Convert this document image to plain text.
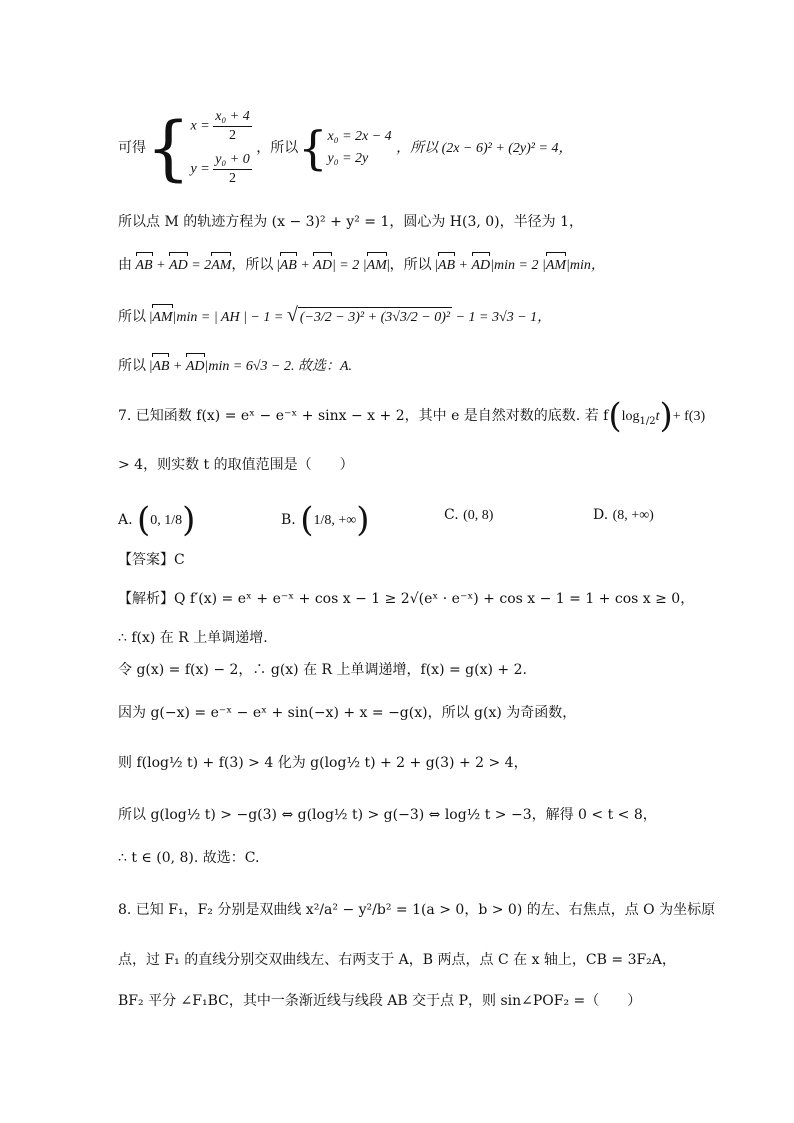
可得{ $x = \frac{\text{x₀ + 4}}{2}$
$y = \frac{\text{y₀ + 0}}{2}$
，所以{ x₀ = 2x − 4
y₀ = 2y
，所以 (2x − 6)² + (2y)² = 4，
所以点 M 的轨迹方程为 (x − 3)² + y² = 1，圆心为 H(3, 0)，半径为 1，
由 AB + AD = 2AM，所以 |AB + AD| = 2 |AM|，所以 |AB + AD|min = 2 |AM|min，
所以 |AM|min = | AH | − 1 = √ (−3/2 − 3)² + (3√3/2 − 0)² − 1 = 3√3 − 1，
所以 |AB + AD|min = 6√3 − 2. 故选：A.
7. 已知函数 f(x) = eˣ − e⁻ˣ + sinx − x + 2，其中 e 是自然对数的底数. 若 $f(\log_{1/2}t)+ f(3)$
> 4，则实数 t 的取值范围是（　　）
A. (0, 1/8)	B. (1/8, +∞)	C. (0, 8)	D. (8, +∞)
【答案】C
【解析】Q f′(x) = eˣ + e⁻ˣ + cos x − 1 ≥ 2√(eˣ · e⁻ˣ) + cos x − 1 = 1 + cos x ≥ 0，
∴ f(x) 在 R 上单调递增.
令 g(x) = f(x) − 2，∴ g(x) 在 R 上单调递增，f(x) = g(x) + 2.
因为 g(−x) = e⁻ˣ − eˣ + sin(−x) + x = −g(x)，所以 g(x) 为奇函数，
则 f(log½ t) + f(3) > 4 化为 g(log½ t) + 2 + g(3) + 2 > 4，
所以 g(log½ t) > −g(3) ⇔ g(log½ t) > g(−3) ⇔ log½ t > −3，解得 0 < t < 8，
∴ t ∈ (0, 8). 故选：C.
8. 已知 F₁，F₂ 分别是双曲线 x²/a² − y²/b² = 1(a > 0，b > 0) 的左、右焦点，点 O 为坐标原
点，过 F₁ 的直线分别交双曲线左、右两支于 A，B 两点，点 C 在 x 轴上，CB = 3F₂A，
BF₂ 平分 ∠F₁BC，其中一条渐近线与线段 AB 交于点 P，则 sin∠POF₂ =（　　）
